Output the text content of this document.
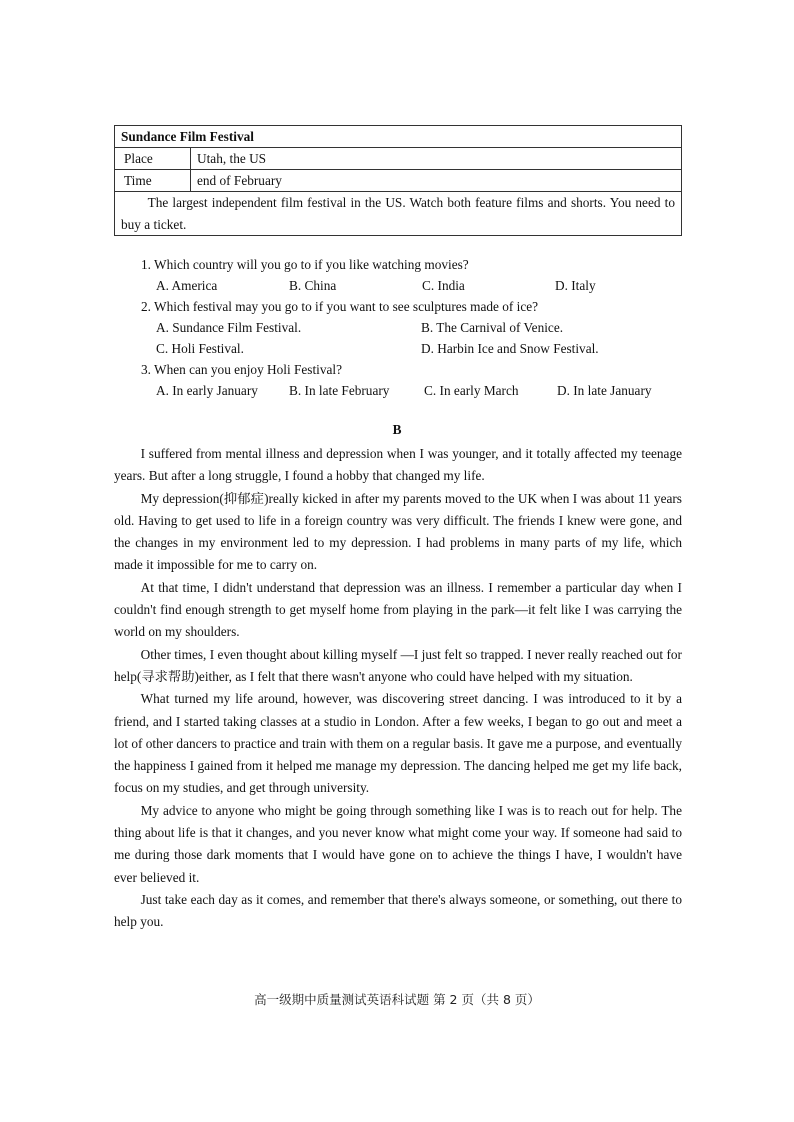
Sundance Film Festival	
Place	Utah, the US
Time	end of February
The largest independent film festival in the US. Watch both feature films and shorts. You need to buy a ticket.	
1. Which country will you go to if you like watching movies?
A. America	B. China	C. India	D. Italy
2. Which festival may you go to if you want to see sculptures made of ice?
A. Sundance Film Festival.	B. The Carnival of Venice.
C. Holi Festival.	D. Harbin Ice and Snow Festival.
3. When can you enjoy Holi Festival?
A. In early January	B. In late February	C. In early March	D. In late January
B

I suffered from mental illness and depression when I was younger, and it totally affected my teenage years. But after a long struggle, I found a hobby that changed my life.

My depression(抑郁症)really kicked in after my parents moved to the UK when I was about 11 years old. Having to get used to life in a foreign country was very difficult. The friends I knew were gone, and the changes in my environment led to my depression. I had problems in many parts of my life, which made it impossible for me to carry on.

At that time, I didn't understand that depression was an illness. I remember a particular day when I couldn't find enough strength to get myself home from playing in the park—it felt like I was carrying the world on my shoulders.

Other times, I even thought about killing myself —I just felt so trapped. I never really reached out for help(寻求帮助)either, as I felt that there wasn't anyone who could have helped with my situation.

What turned my life around, however, was discovering street dancing. I was introduced to it by a friend, and I started taking classes at a studio in London. After a few weeks, I began to go out and meet a lot of other dancers to practice and train with them on a regular basis. It gave me a purpose, and eventually the happiness I gained from it helped me manage my depression. The dancing helped me get my life back, focus on my studies, and get through university.

My advice to anyone who might be going through something like I was is to reach out for help. The thing about life is that it changes, and you never know what might come your way. If someone had said to me during those dark moments that I would have gone on to achieve the things I have, I wouldn't have ever believed it.

Just take each day as it comes, and remember that there's always someone, or something, out there to help you.

高一级期中质量测试英语科试题 第 2 页（共 8 页）
